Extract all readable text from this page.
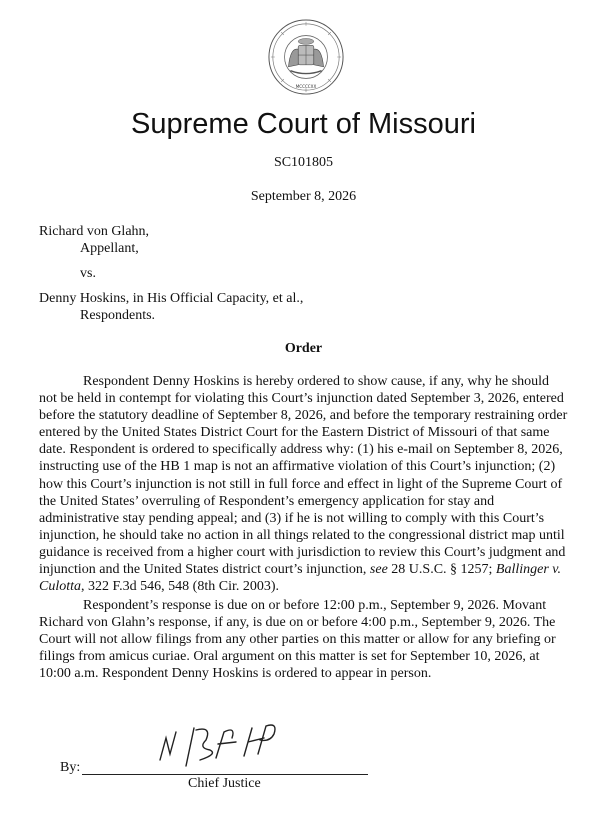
MCCCCXX
Supreme Court of Missouri
SC101805
September 8, 2026
Richard von Glahn,
Appellant,
vs.
Denny Hoskins, in His Official Capacity, et al.,
Respondents.
Order
Respondent Denny Hoskins is hereby ordered to show cause, if any, why he should not be held in contempt for violating this Court’s injunction dated September 3, 2026, entered before the statutory deadline of September 8, 2026, and before the temporary restraining order entered by the United States District Court for the Eastern District of Missouri of that same date. Respondent is ordered to specifically address why: (1) his e-mail on September 8, 2026, instructing use of the HB 1 map is not an affirmative violation of this Court’s injunction; (2) how this Court’s injunction is not still in full force and effect in light of the Supreme Court of the United States’ overruling of Respondent’s emergency application for stay and administrative stay pending appeal; and (3) if he is not willing to comply with this Court’s injunction, he should take no action in all things related to the congressional district map until guidance is received from a higher court with jurisdiction to review this Court’s judgment and injunction and the United States district court’s injunction, see 28 U.S.C. § 1257; Ballinger v. Culotta, 322 F.3d 546, 548 (8th Cir. 2003).
Respondent’s response is due on or before 12:00 p.m., September 9, 2026. Movant Richard von Glahn’s response, if any, is due on or before 4:00 p.m., September 9, 2026. The Court will not allow filings from any other parties on this matter or allow for any briefing or filings from amicus curiae. Oral argument on this matter is set for September 10, 2026, at 10:00 a.m. Respondent Denny Hoskins is ordered to appear in person.
By:
Chief Justice
